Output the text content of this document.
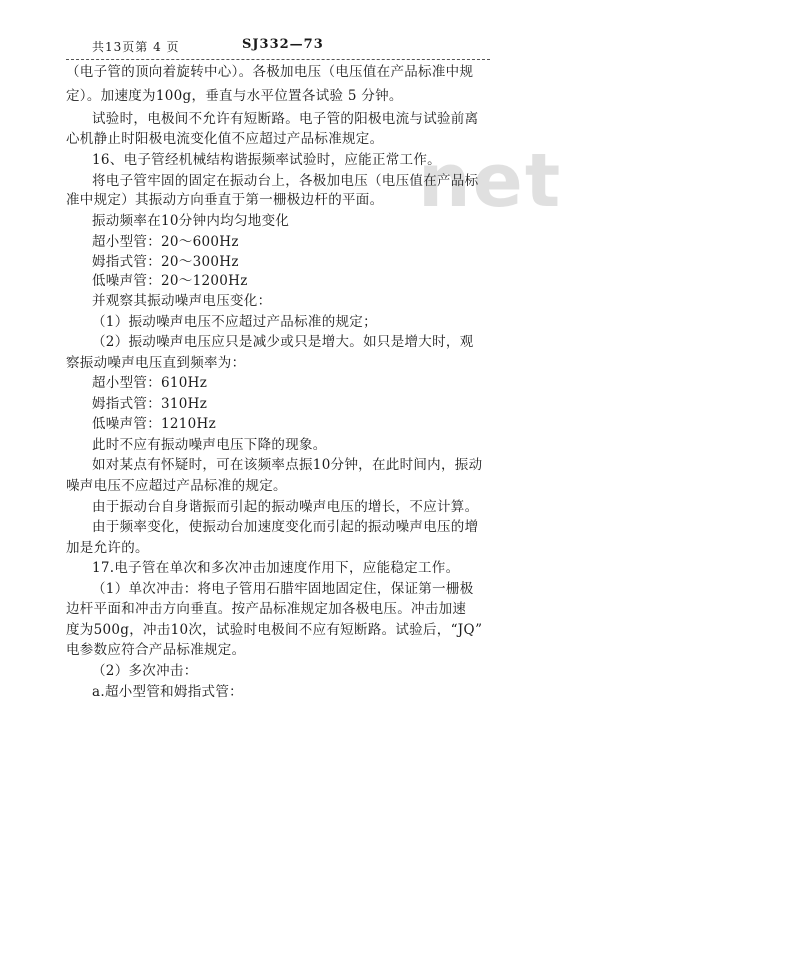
共13页第 4 页	SJ332—73
net
（电子管的顶向着旋转中心）。各极加电压（电压值在产品标准中规
定）。加速度为100g，垂直与水平位置各试验 5 分钟。
试验时，电极间不允许有短断路。电子管的阳极电流与试验前离
心机静止时阳极电流变化值不应超过产品标准规定。
16、电子管经机械结构谐振频率试验时，应能正常工作。
将电子管牢固的固定在振动台上，各极加电压（电压值在产品标
准中规定）其振动方向垂直于第一栅极边杆的平面。
振动频率在10分钟内均匀地变化
超小型管：20～600Hz
姆指式管：20～300Hz
低噪声管：20～1200Hz
并观察其振动噪声电压变化：
（1）振动噪声电压不应超过产品标准的规定；
（2）振动噪声电压应只是减少或只是增大。如只是增大时，观
察振动噪声电压直到频率为：
超小型管：610Hz
姆指式管：310Hz
低噪声管：1210Hz
此时不应有振动噪声电压下降的现象。
如对某点有怀疑时，可在该频率点振10分钟，在此时间内，振动
噪声电压不应超过产品标准的规定。
由于振动台自身谐振而引起的振动噪声电压的增长，不应计算。
由于频率变化，使振动台加速度变化而引起的振动噪声电压的增
加是允许的。
17.电子管在单次和多次冲击加速度作用下，应能稳定工作。
（1）单次冲击：将电子管用石腊牢固地固定住，保证第一栅极
边杆平面和冲击方向垂直。按产品标准规定加各极电压。冲击加速
度为500g，冲击10次，试验时电极间不应有短断路。试验后，“JQ”
电参数应符合产品标准规定。
（2）多次冲击：
a.超小型管和姆指式管：
